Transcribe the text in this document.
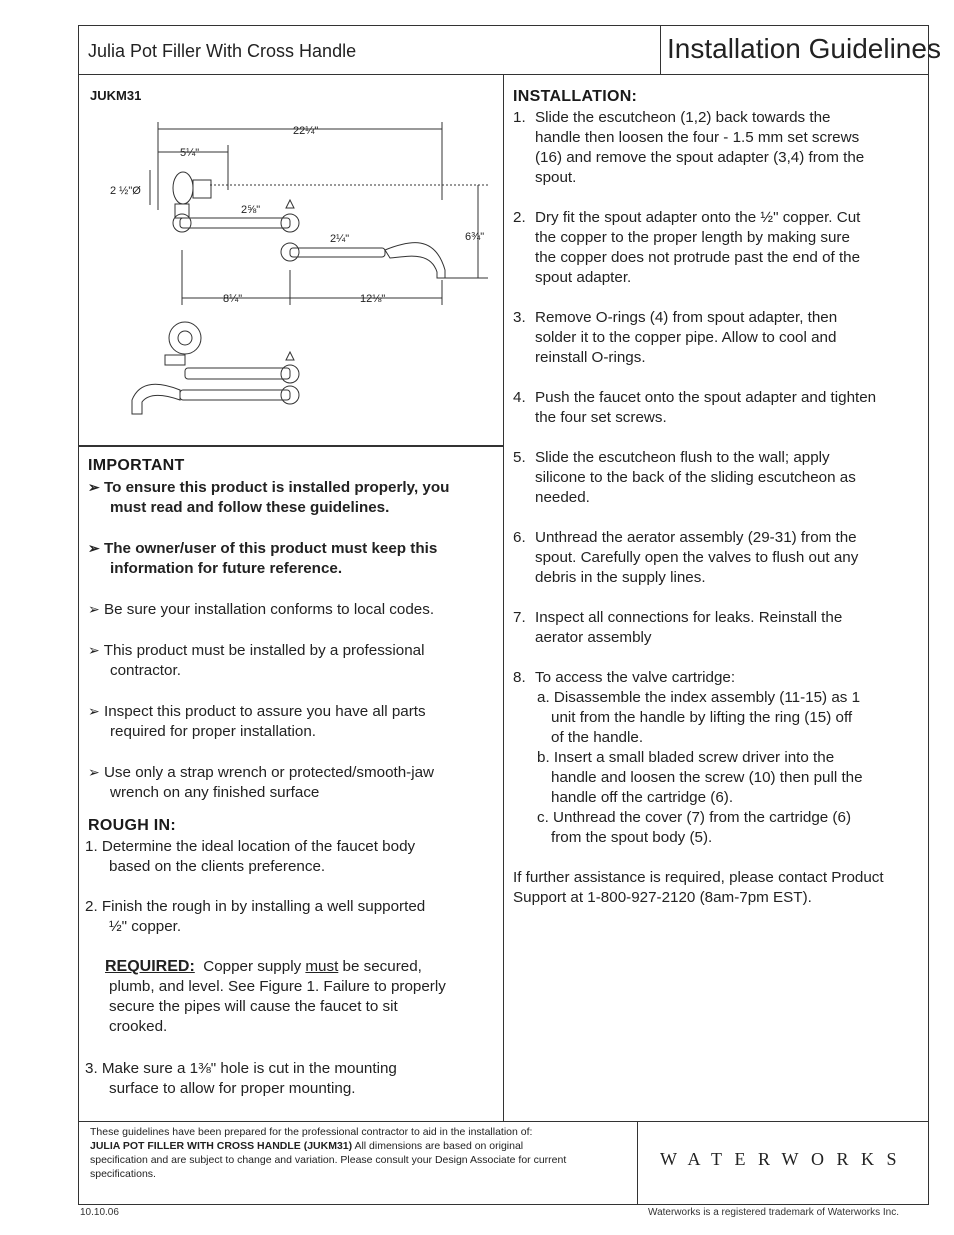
Julia Pot Filler With Cross Handle	Installation Guidelines
JUKM31
22¼"
5¼"
2 ½"Ø
2⅝"
2¼"	6¾"
8¼"	12⅛"
IMPORTANT
➢ To ensure this product is installed properly, you
must read and follow these guidelines.
➢ The owner/user of this product must keep this
information for future reference.
➢ Be sure your installation conforms to local codes.
➢ This product must be installed by a professional
contractor.
➢ Inspect this product to assure you have all parts
required for proper installation.
➢ Use only a strap wrench or protected/smooth-jaw
wrench on any finished surface
ROUGH IN:
1. Determine the ideal location of the faucet body
based on the clients preference.
2. Finish the rough in by installing a well supported
½" copper.
REQUIRED: Copper supply must be secured,
plumb, and level. See Figure 1. Failure to properly
secure the pipes will cause the faucet to sit
crooked.
3. Make sure a 1⅜" hole is cut in the mounting
surface to allow for proper mounting.
INSTALLATION:
1. Slide the escutcheon (1,2) back towards the
handle then loosen the four - 1.5 mm set screws
(16) and remove the spout adapter (3,4) from the
spout.
2. Dry fit the spout adapter onto the ½" copper. Cut
the copper to the proper length by making sure
the copper does not protrude past the end of the
spout adapter.
3. Remove O-rings (4) from spout adapter, then
solder it to the copper pipe. Allow to cool and
reinstall O-rings.
4. Push the faucet onto the spout adapter and tighten
the four set screws.
5. Slide the escutcheon flush to the wall; apply
silicone to the back of the sliding escutcheon as
needed.
6. Unthread the aerator assembly (29-31) from the
spout. Carefully open the valves to flush out any
debris in the supply lines.
7. Inspect all connections for leaks. Reinstall the
aerator assembly
8. To access the valve cartridge:
a. Disassemble the index assembly (11-15) as 1
unit from the handle by lifting the ring (15) off
of the handle.
b. Insert a small bladed screw driver into the
handle and loosen the screw (10) then pull the
handle off the cartridge (6).
c. Unthread the cover (7) from the cartridge (6)
from the spout body (5).
If further assistance is required, please contact Product
Support at 1-800-927-2120 (8am-7pm EST).
These guidelines have been prepared for the professional contractor to aid in the installation of:
JULIA POT FILLER WITH CROSS HANDLE (JUKM31) All dimensions are based on original specification and are subject to change and variation. Please consult your Design Associate for current specifications.
WATERWORKS
10.10.06	Waterworks is a registered trademark of Waterworks Inc.
